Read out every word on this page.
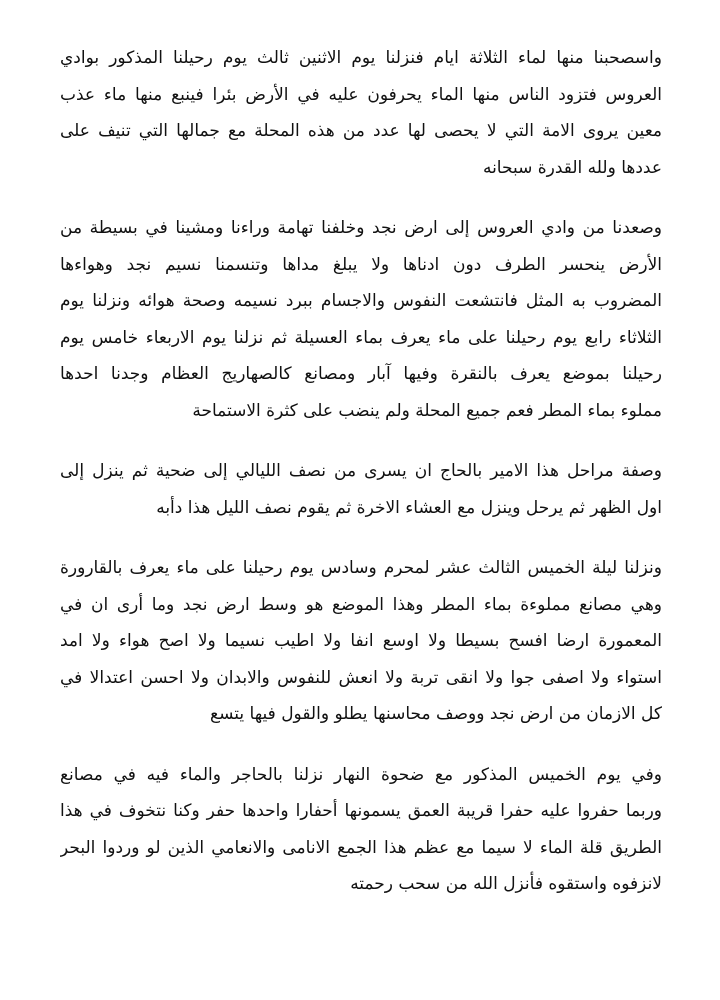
واسصحبنا منها لماء الثلاثة ايام فنزلنا يوم الاثنين ثالث يوم رحيلنا المذكور بوادي
العروس فتزود الناس منها الماء يحرفون عليه في الأرض بئرا فينبع منها ماء عذب
معين يروى الامة التي لا يحصى لها عدد من هذه المحلة مع جمالها التي تنيف على
عددها ولله القدرة سبحانه
وصعدنا من وادي العروس إلى ارض نجد وخلفنا تهامة وراءنا ومشينا في بسيطة من
الأرض ينحسر الطرف دون ادناها ولا يبلغ مداها وتنسمنا نسيم نجد وهواءها
المضروب به المثل فانتشعت النفوس والاجسام ببرد نسيمه وصحة هوائه ونزلنا يوم
الثلاثاء رابع يوم رحيلنا على ماء يعرف بماء العسيلة ثم نزلنا يوم الاربعاء خامس يوم
رحيلنا بموضع يعرف بالنقرة وفيها آبار ومصانع كالصهاريج العظام وجدنا احدها
مملوء بماء المطر فعم جميع المحلة ولم ينضب على كثرة الاستماحة
وصفة مراحل هذا الامير بالحاج ان يسرى من نصف الليالي إلى ضحية ثم ينزل إلى
اول الظهر ثم يرحل وينزل مع العشاء الاخرة ثم يقوم نصف الليل هذا دأبه
ونزلنا ليلة الخميس الثالث عشر لمحرم وسادس يوم رحيلنا على ماء يعرف بالقارورة
وهي مصانع مملوءة بماء المطر وهذا الموضع هو وسط ارض نجد وما أرى ان في
المعمورة ارضا افسح بسيطا ولا اوسع انفا ولا اطيب نسيما ولا اصح هواء ولا امد
استواء ولا اصفى جوا ولا انقى تربة ولا انعش للنفوس والابدان ولا احسن اعتدالا في
كل الازمان من ارض نجد ووصف محاسنها يطلو والقول فيها يتسع
وفي يوم الخميس المذكور مع ضحوة النهار نزلنا بالحاجر والماء فيه في مصانع
وربما حفروا عليه حفرا قريبة العمق يسمونها أحفارا واحدها حفر وكنا نتخوف في هذا
الطريق قلة الماء لا سيما مع عظم هذا الجمع الانامى والانعامي الذين لو وردوا البحر
لانزفوه واستقوه فأنزل الله من سحب رحمته
